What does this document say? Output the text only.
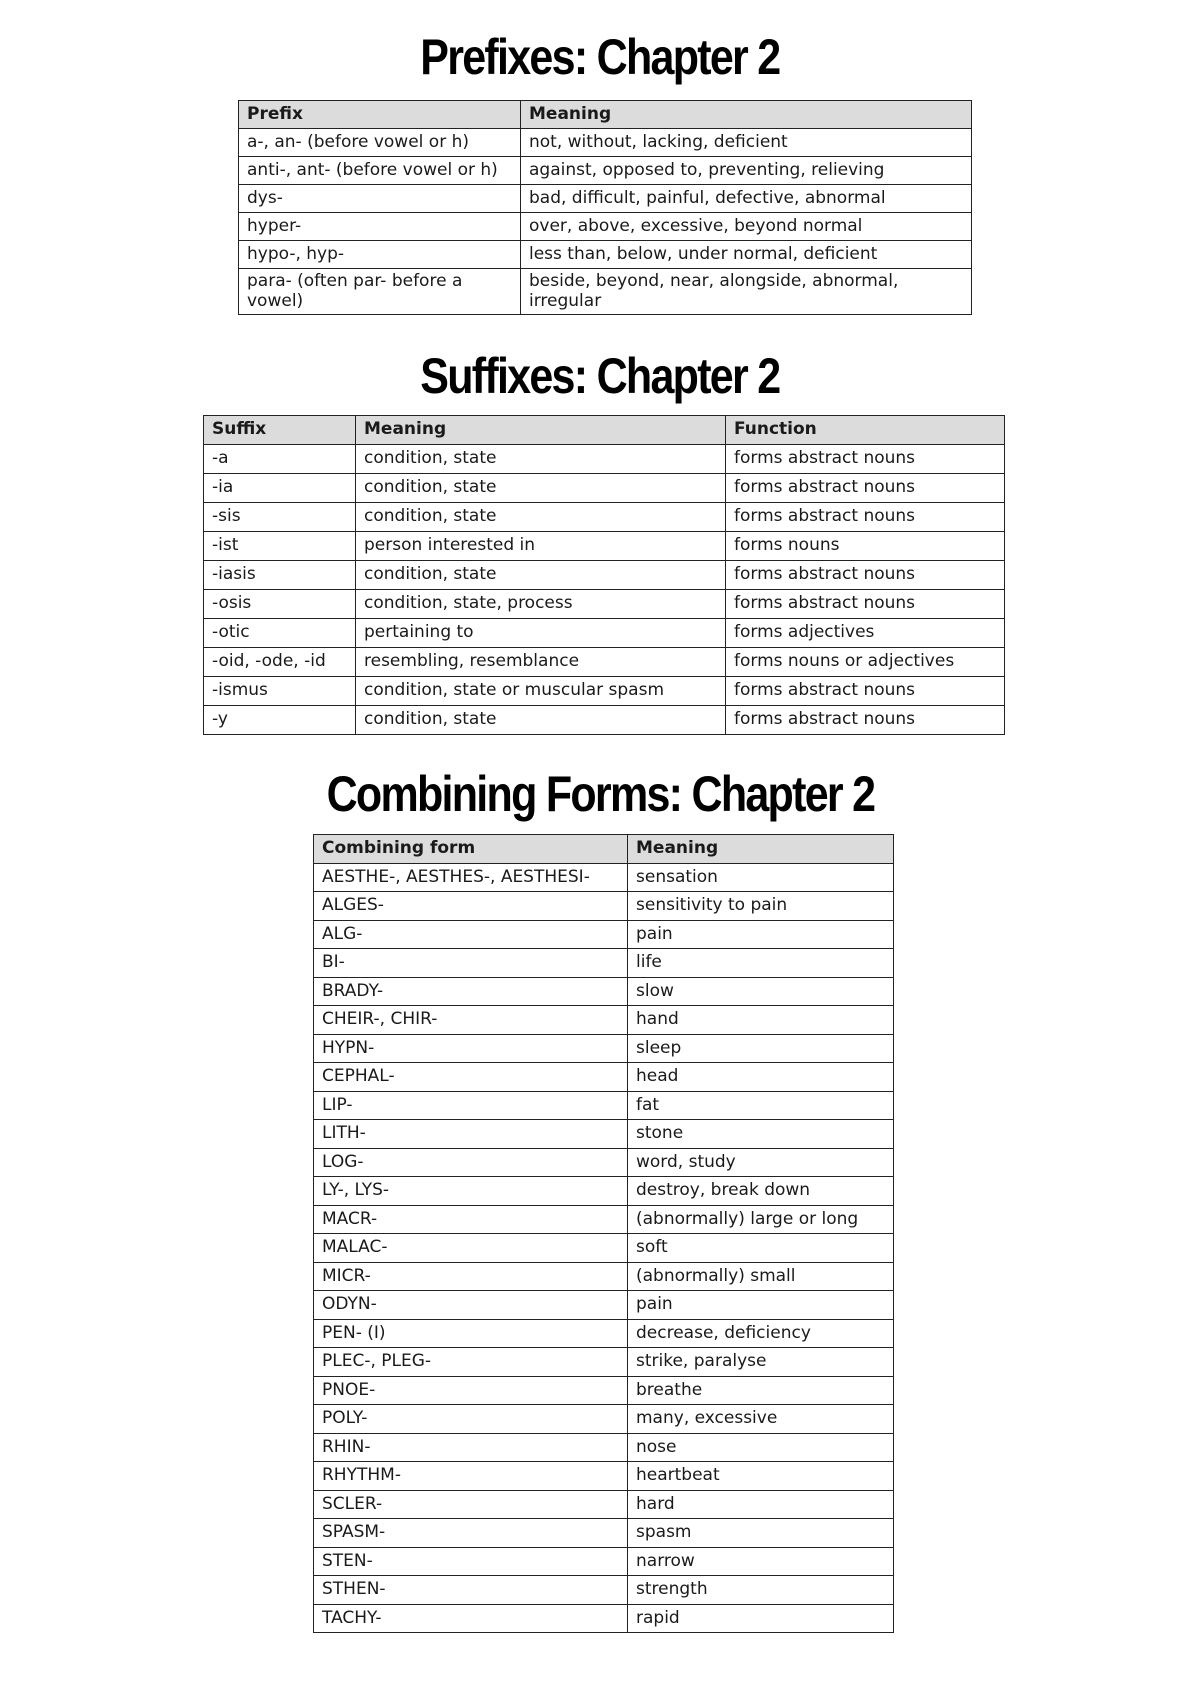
Prefixes: Chapter 2
Prefix	Meaning
a-, an- (before vowel or h)	not, without, lacking, deficient
anti-, ant- (before vowel or h)	against, opposed to, preventing, relieving
dys-	bad, difficult, painful, defective, abnormal
hyper-	over, above, excessive, beyond normal
hypo-, hyp-	less than, below, under normal, deficient
para- (often par- before a vowel)	beside, beyond, near, alongside, abnormal, irregular
Suffixes: Chapter 2
Suffix	Meaning	Function
-a	condition, state	forms abstract nouns
-ia	condition, state	forms abstract nouns
-sis	condition, state	forms abstract nouns
-ist	person interested in	forms nouns
-iasis	condition, state	forms abstract nouns
-osis	condition, state, process	forms abstract nouns
-otic	pertaining to	forms adjectives
-oid, -ode, -id	resembling, resemblance	forms nouns or adjectives
-ismus	condition, state or muscular spasm	forms abstract nouns
-y	condition, state	forms abstract nouns
Combining Forms: Chapter 2
Combining form	Meaning
AESTHE-, AESTHES-, AESTHESI-	sensation
ALGES-	sensitivity to pain
ALG-	pain
BI-	life
BRADY-	slow
CHEIR-, CHIR-	hand
HYPN-	sleep
CEPHAL-	head
LIP-	fat
LITH-	stone
LOG-	word, study
LY-, LYS-	destroy, break down
MACR-	(abnormally) large or long
MALAC-	soft
MICR-	(abnormally) small
ODYN-	pain
PEN- (I)	decrease, deficiency
PLEC-, PLEG-	strike, paralyse
PNOE-	breathe
POLY-	many, excessive
RHIN-	nose
RHYTHM-	heartbeat
SCLER-	hard
SPASM-	spasm
STEN-	narrow
STHEN-	strength
TACHY-	rapid
